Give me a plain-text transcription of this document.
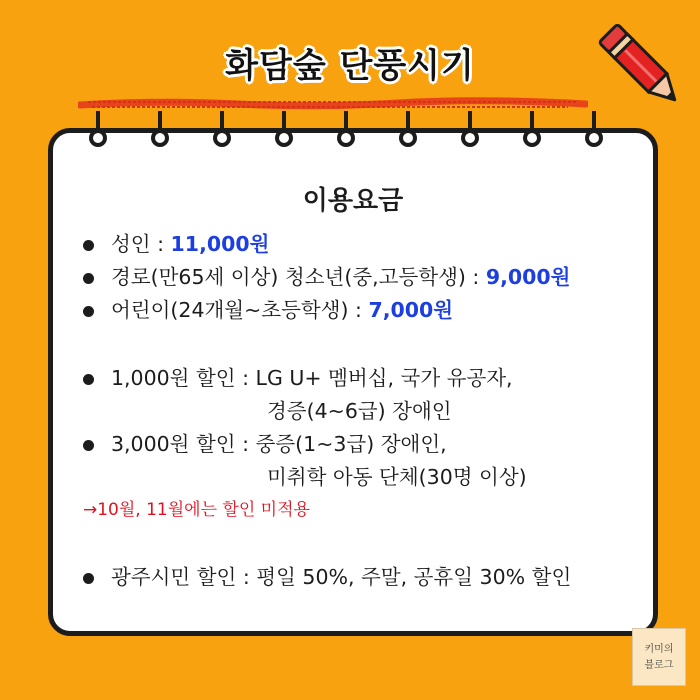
화담숲 단풍시기
이용요금
성인 : 11,000원
경로(만65세 이상) 청소년(중,고등학생) : 9,000원
어린이(24개월~초등학생) : 7,000원
1,000원 할인 : LG U+ 멤버십, 국가 유공자,
경증(4~6급) 장애인
3,000원 할인 : 중증(1~3급) 장애인,
미취학 아동 단체(30명 이상)
→10월, 11월에는 할인 미적용
광주시민 할인 : 평일 50%, 주말, 공휴일 30% 할인
키미의
블로그
